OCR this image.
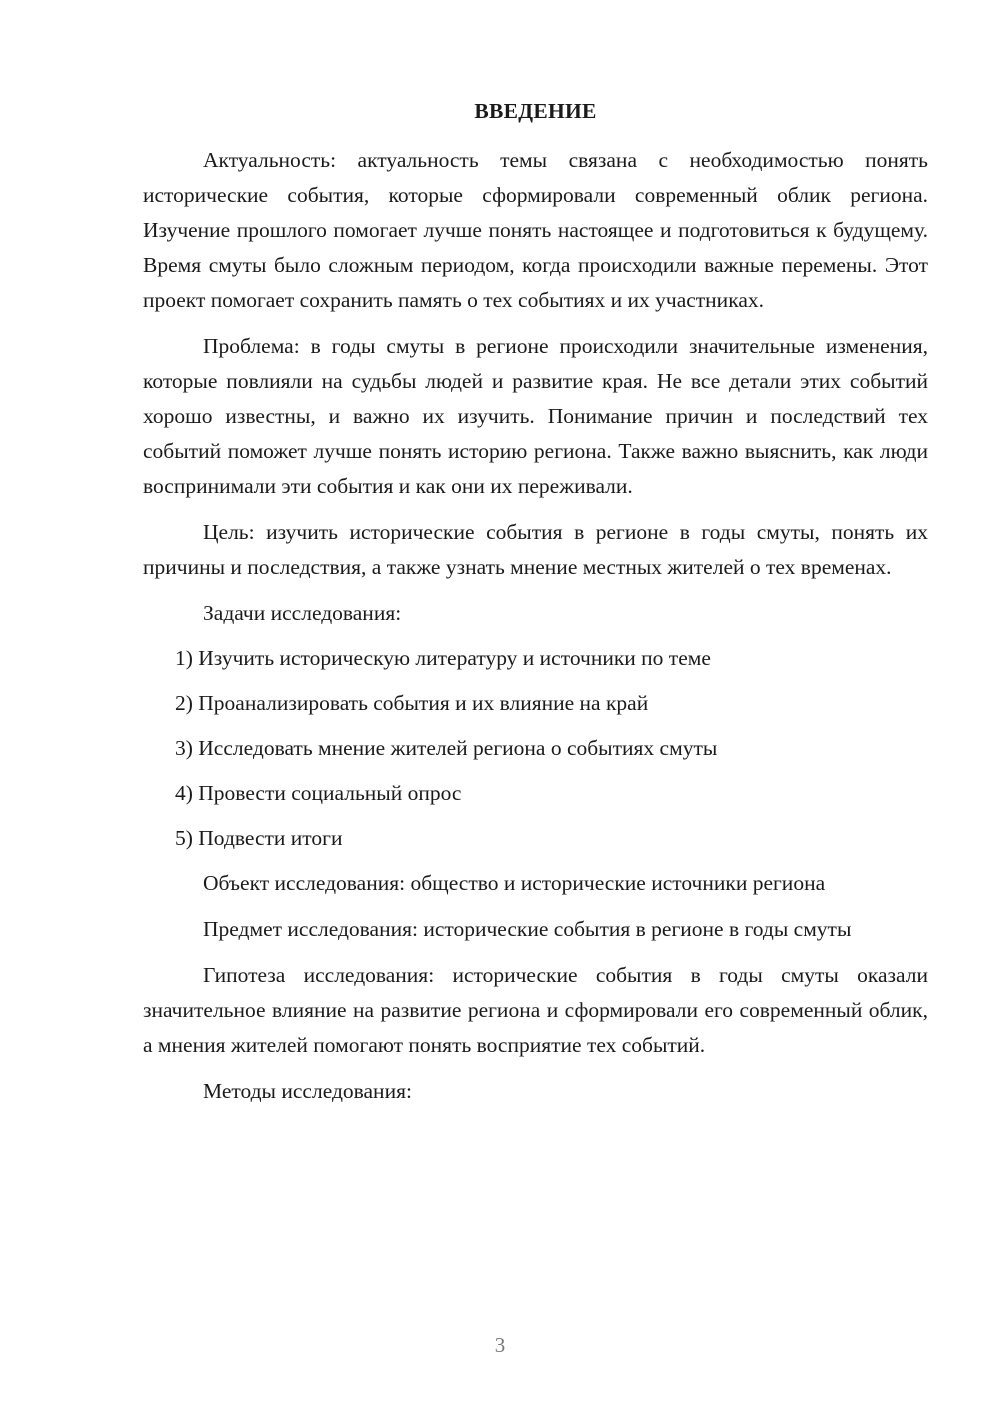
ВВЕДЕНИЕ

Актуальность: актуальность темы связана с необходимостью понять исторические события, которые сформировали современный облик региона. Изучение прошлого помогает лучше понять настоящее и подготовиться к будущему. Время смуты было сложным периодом, когда происходили важные перемены. Этот проект помогает сохранить память о тех событиях и их участниках.

Проблема: в годы смуты в регионе происходили значительные изменения, которые повлияли на судьбы людей и развитие края. Не все детали этих событий хорошо известны, и важно их изучить. Понимание причин и последствий тех событий поможет лучше понять историю региона. Также важно выяснить, как люди воспринимали эти события и как они их переживали.

Цель: изучить исторические события в регионе в годы смуты, понять их причины и последствия, а также узнать мнение местных жителей о тех временах.

Задачи исследования:

1) Изучить историческую литературу и источники по теме
2) Проанализировать события и их влияние на край
3) Исследовать мнение жителей региона о событиях смуты
4) Провести социальный опрос
5) Подвести итоги

Объект исследования: общество и исторические источники региона

Предмет исследования: исторические события в регионе в годы смуты

Гипотеза исследования: исторические события в годы смуты оказали значительное влияние на развитие региона и сформировали его современный облик, а мнения жителей помогают понять восприятие тех событий.

Методы исследования:

3
